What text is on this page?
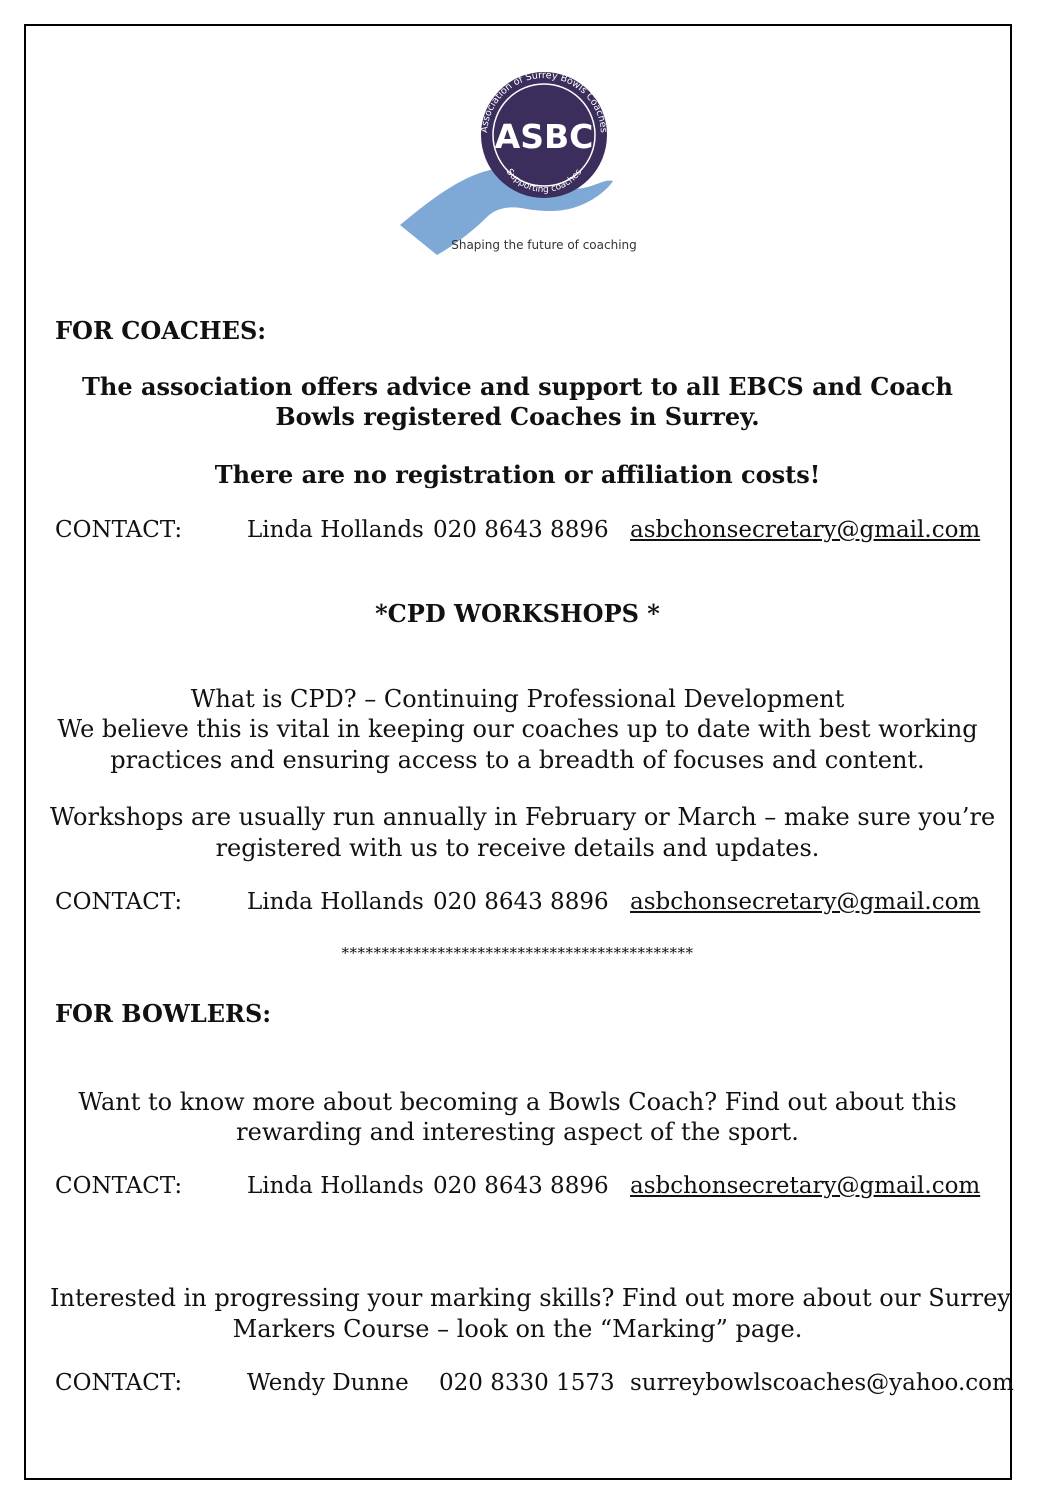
Association of Surrey Bowls Coaches
Supporting coaches
ASBC
Shaping the future of coaching

FOR COACHES:

The association offers advice and support to all EBCS and Coach

Bowls registered Coaches in Surrey.

There are no registration or affiliation costs!

CONTACT:	Linda Hollands 020 8643 8896 asbchonsecretary@gmail.com

*CPD WORKSHOPS *

What is CPD? – Continuing Professional Development

We believe this is vital in keeping our coaches up to date with best working

practices and ensuring access to a breadth of focuses and content.

Workshops are usually run annually in February or March – make sure you’re

registered with us to receive details and updates.

CONTACT:	Linda Hollands 020 8643 8896 asbchonsecretary@gmail.com

********************************************

FOR BOWLERS:

Want to know more about becoming a Bowls Coach? Find out about this

rewarding and interesting aspect of the sport.

CONTACT:	Linda Hollands 020 8643 8896 asbchonsecretary@gmail.com

Interested in progressing your marking skills? Find out more about our Surrey

Markers Course – look on the “Marking” page.

CONTACT:	Wendy Dunne 020 8330 1573 surreybowlscoaches@yahoo.com
